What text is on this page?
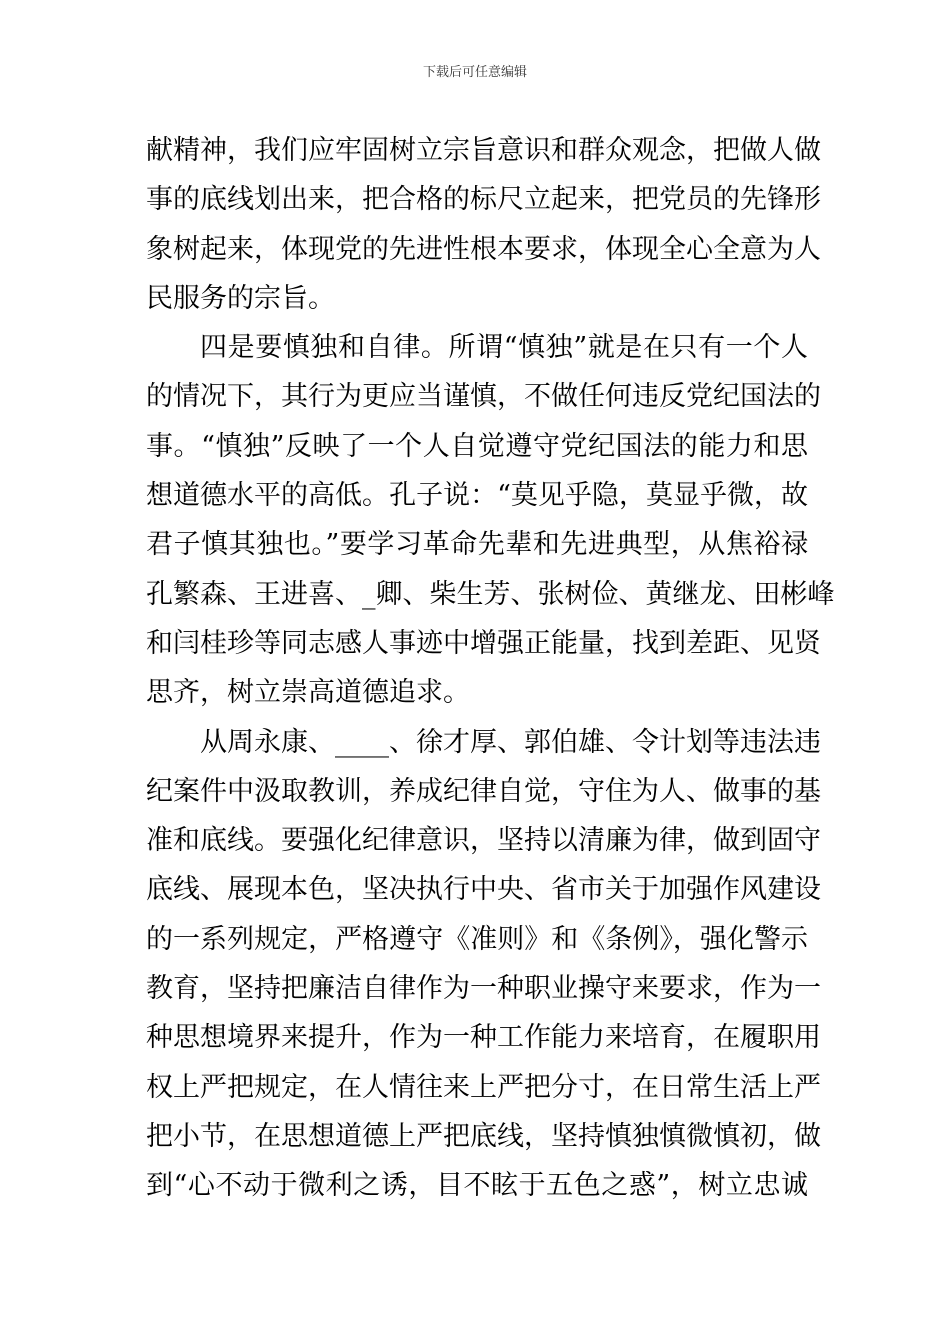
下载后可任意编辑
献精神，我们应牢固树立宗旨意识和群众观念，把做人做
事的底线划出来，把合格的标尺立起来，把党员的先锋形
象树起来，体现党的先进性根本要求，体现全心全意为人
民服务的宗旨。
四是要慎独和自律。所谓“慎独”就是在只有一个人
的情况下，其行为更应当谨慎，不做任何违反党纪国法的
事。“慎独”反映了一个人自觉遵守党纪国法的能力和思
想道德水平的高低。孔子说：“莫见乎隐，莫显乎微，故
君子慎其独也。”要学习革命先辈和先进典型，从焦裕禄
孔繁森、王进喜、_卿、柴生芳、张树俭、黄继龙、田彬峰
和闫桂珍等同志感人事迹中增强正能量，找到差距、见贤
思齐，树立崇高道德追求。
从周永康、____、徐才厚、郭伯雄、令计划等违法违
纪案件中汲取教训，养成纪律自觉，守住为人、做事的基
准和底线。要强化纪律意识，坚持以清廉为律，做到固守
底线、展现本色，坚决执行中央、省市关于加强作风建设
的一系列规定，严格遵守《准则》和《条例》，强化警示
教育，坚持把廉洁自律作为一种职业操守来要求，作为一
种思想境界来提升，作为一种工作能力来培育，在履职用
权上严把规定，在人情往来上严把分寸，在日常生活上严
把小节，在思想道德上严把底线，坚持慎独慎微慎初，做
到“心不动于微利之诱，目不眩于五色之惑”，树立忠诚
